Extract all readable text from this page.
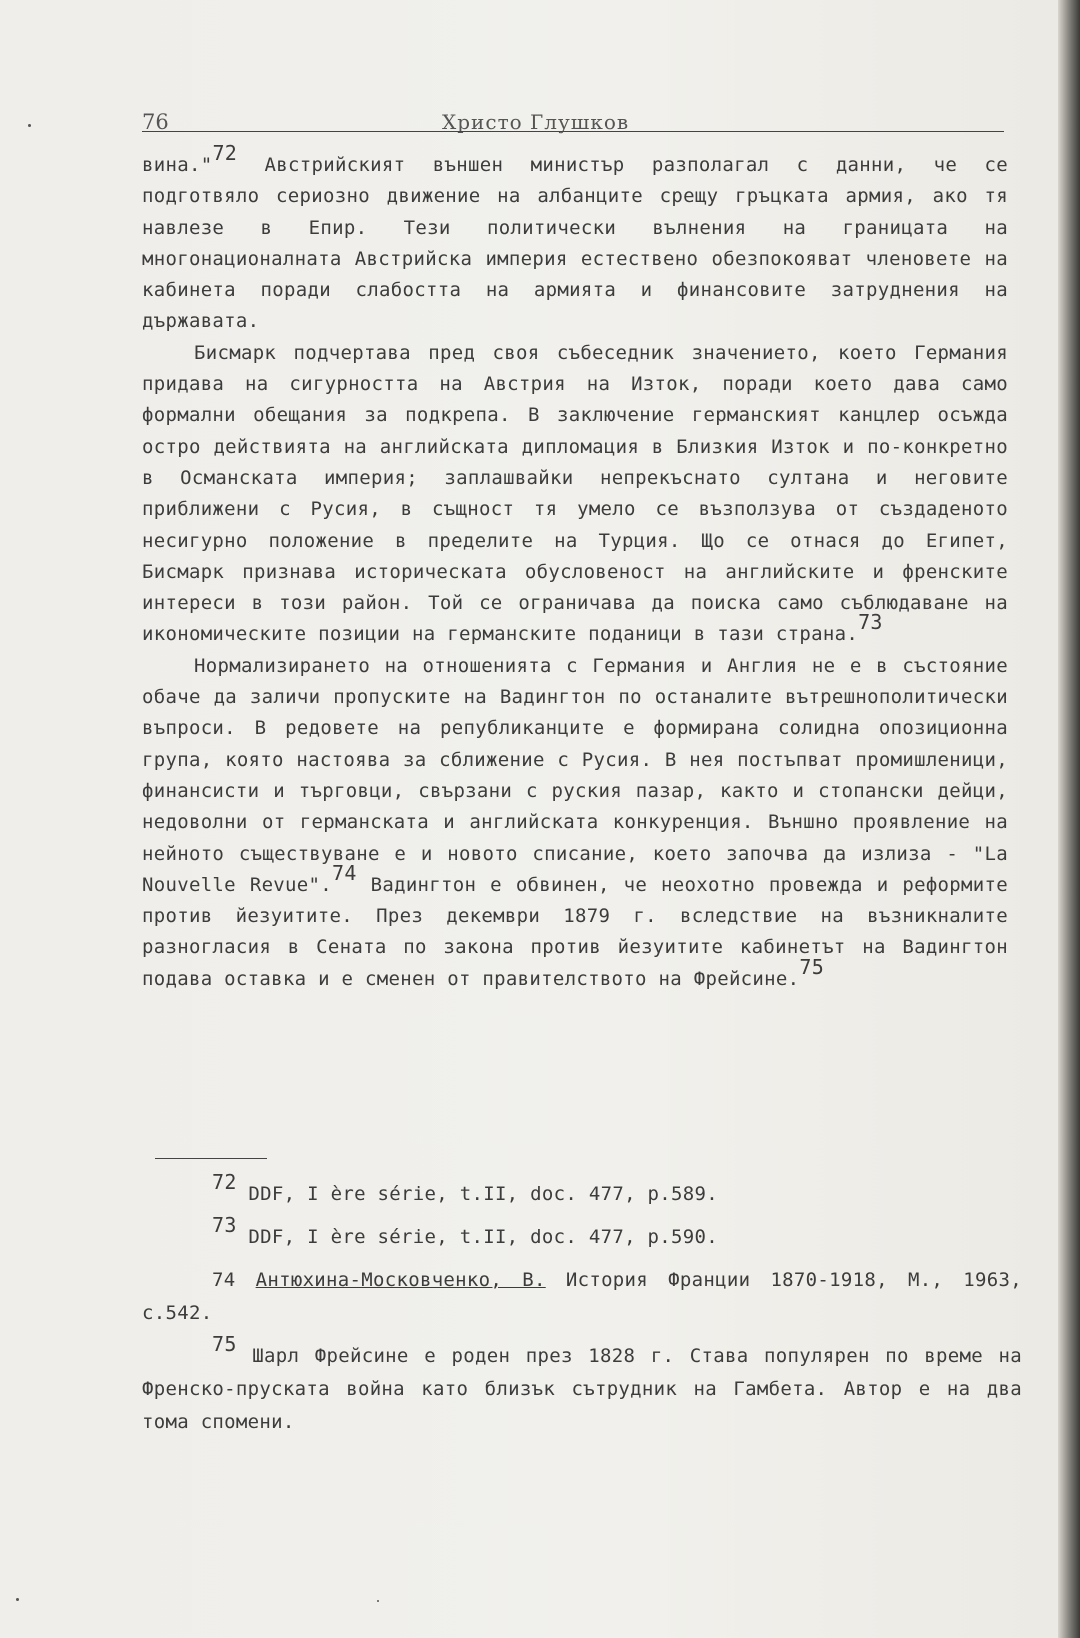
76	Христо Глушков

вина."$^{72}$ Австрийският външен министър разполагал с данни, че се подготвяло сериозно движение на албанците срещу гръцката армия, ако тя навлезе в Епир. Тези политически вълнения на границата на многонационалната Австрийска империя естествено обезпокояват членовете на кабинета поради слабостта на армията и финансовите затруднения на държавата.

Бисмарк подчертава пред своя събеседник значението, което Германия придава на сигурността на Австрия на Изток, поради което дава само формални обещания за подкрепа. В заключение германският канцлер осъжда остро действията на английската дипломация в Близкия Изток и по-конкретно в Османската империя; заплашвайки непрекъснато султана и неговите приближени с Русия, в същност тя умело се възползува от създаденото несигурно положение в пределите на Турция. Що се отнася до Египет, Бисмарк признава историческата обусловеност на английските и френските интереси в този район. Той се ограничава да поиска само съблюдаване на икономическите позиции на германските поданици в тази страна.$^{73}$

Нормализирането на отношенията с Германия и Англия не е в състояние обаче да заличи пропуските на Вадингтон по останалите вътрешнополитически въпроси. В редовете на републиканците е формирана солидна опозиционна група, която настоява за сближение с Русия. В нея постъпват промишленици, финансисти и търговци, свързани с руския пазар, както и стопански дейци, недоволни от германската и английската конкуренция. Външно проявление на нейното съществуване е и новото списание, което започва да излиза - "La Nouvelle Revue".$^{74}$ Вадингтон е обвинен, че неохотно провежда и реформите против йезуитите. През декември 1879 г. вследствие на възникналите разногласия в Сената по закона против йезуитите кабинетът на Вадингтон подава оставка и е сменен от правителството на Фрейсине.$^{75}$

$^{72}$ DDF, I ère série, t.II, doc. 477, p.589.

$^{73}$ DDF, I ère série, t.II, doc. 477, p.590.

74 Антюхина-Московченко, В. История Франции 1870-1918, М., 1963, с.542.

$^{75}$ Шарл Фрейсине е роден през 1828 г. Става популярен по време на Френско-пруската война като близък сътрудник на Гамбета. Автор е на два тома спомени.
